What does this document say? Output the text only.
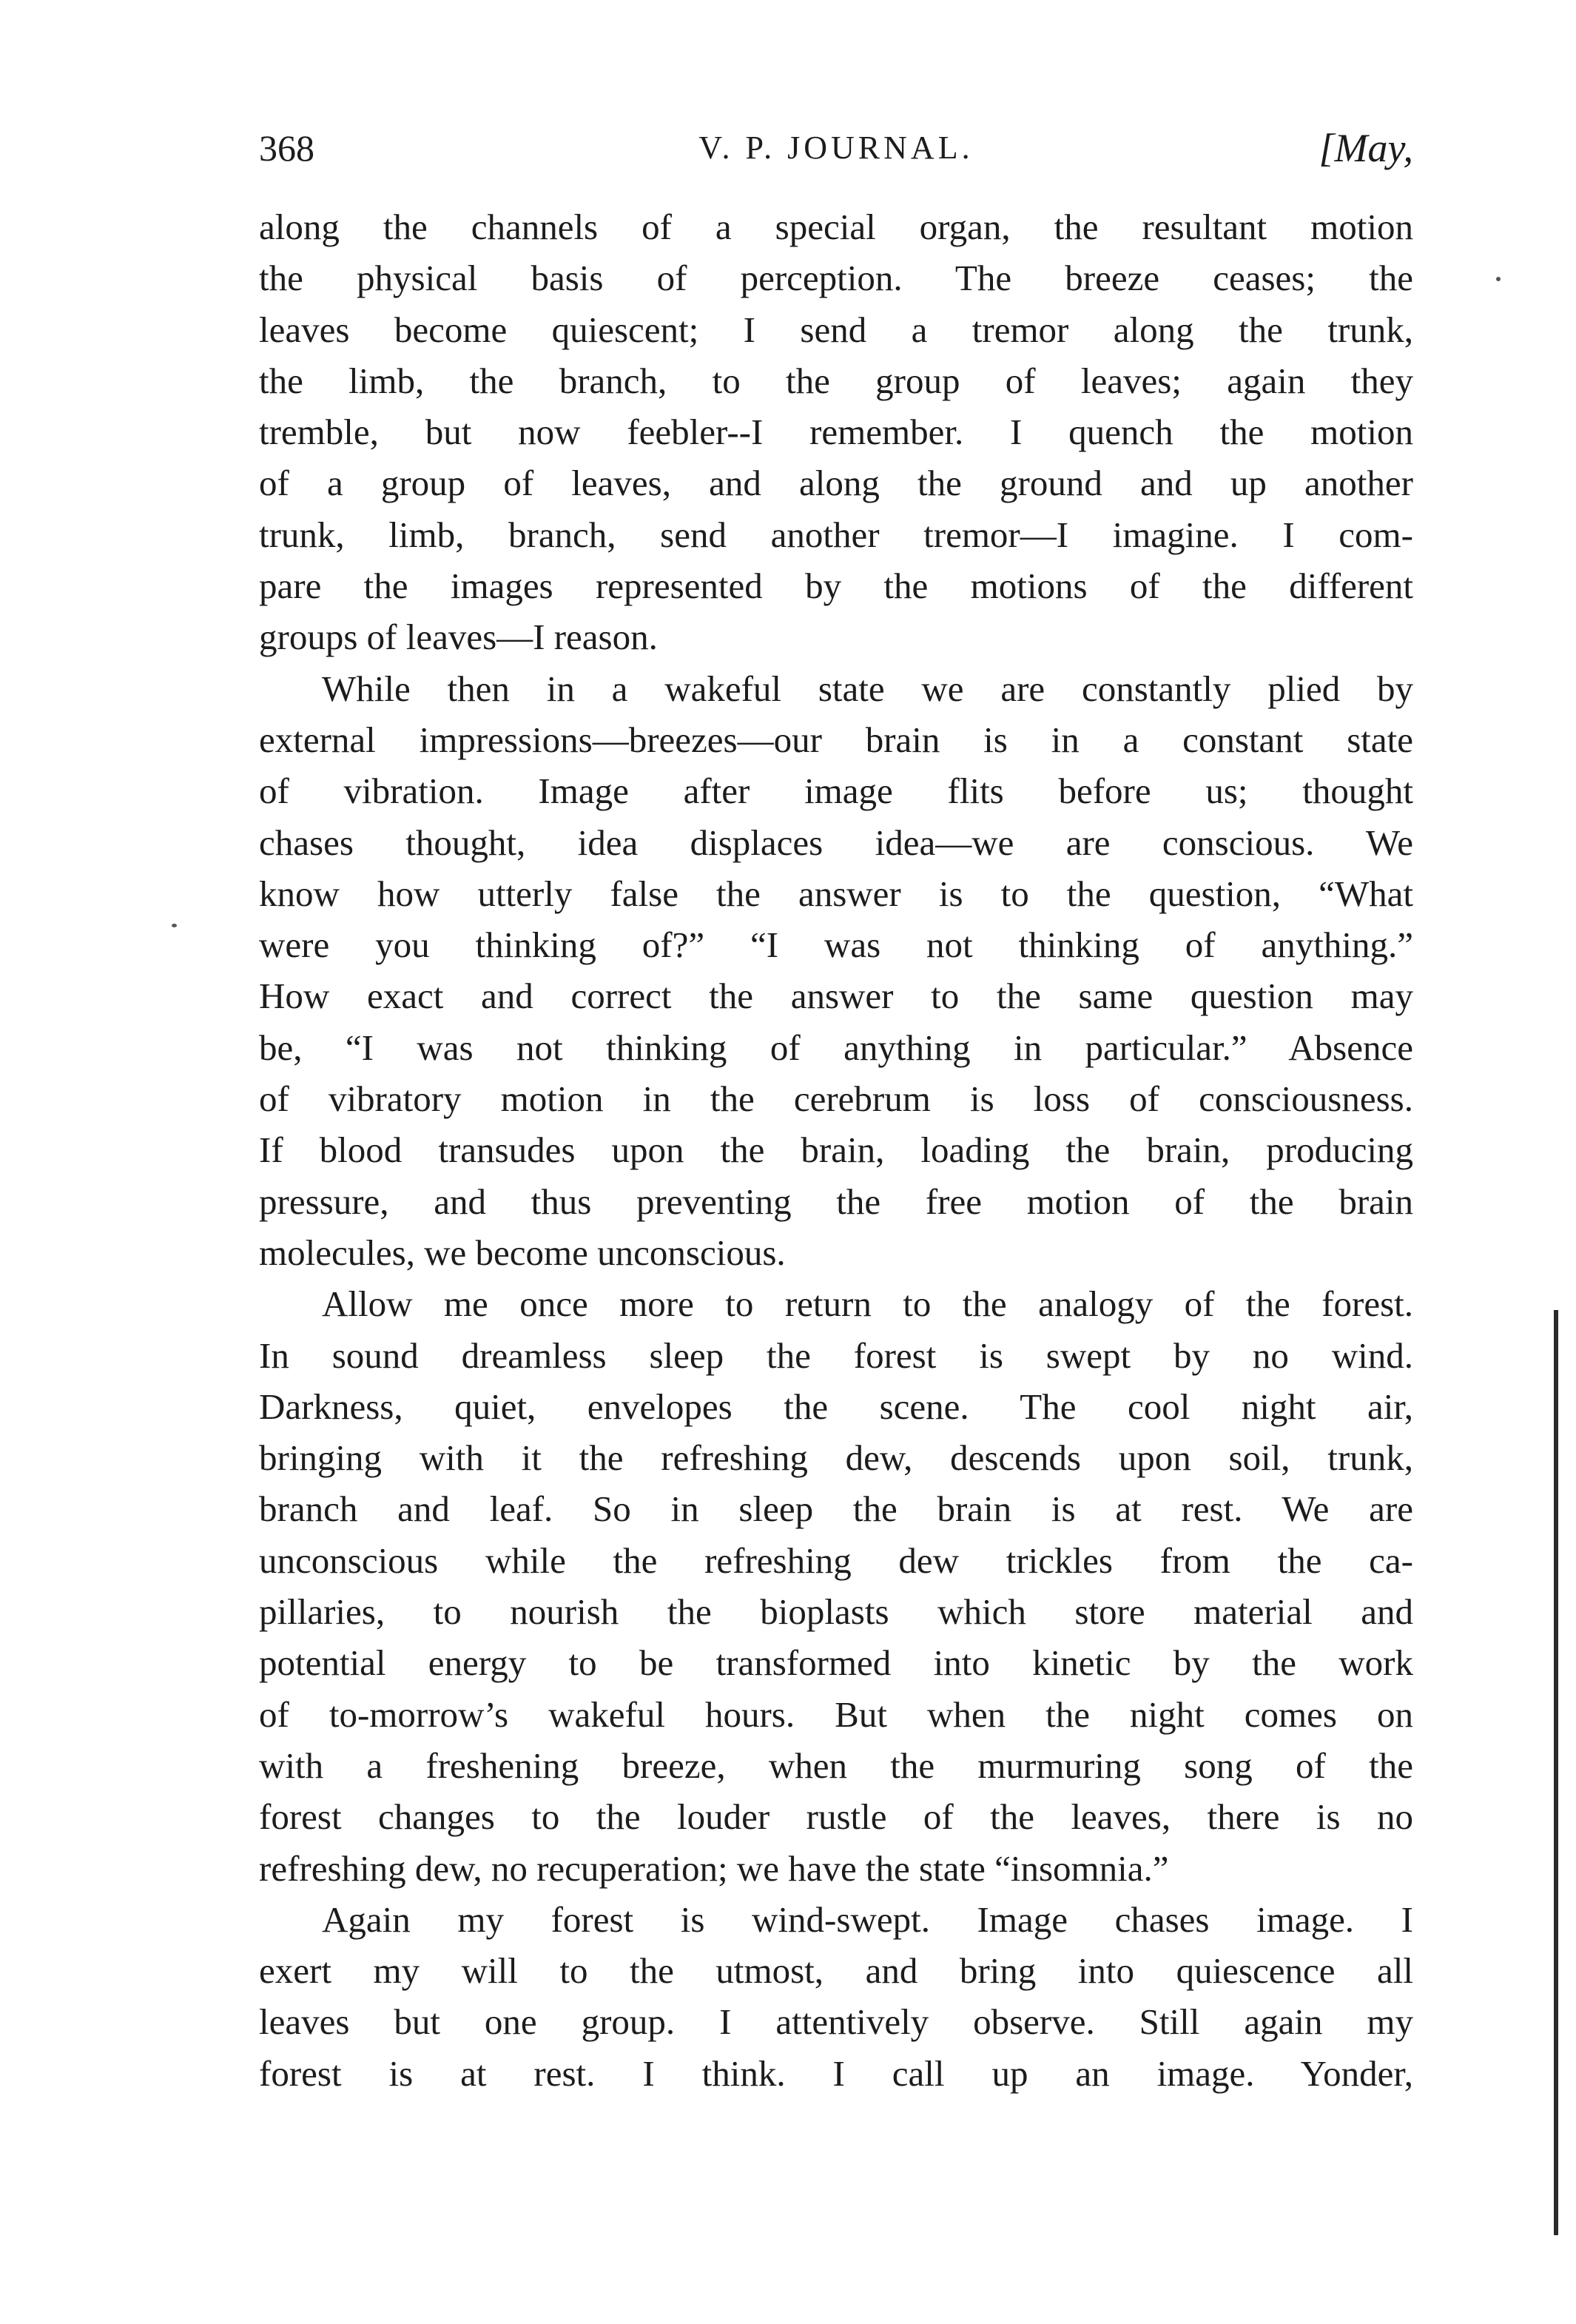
368	V. P. JOURNAL.	[May,
along the channels of a special organ, the resultant motion
the physical basis of perception. The breeze ceases; the
leaves become quiescent; I send a tremor along the trunk,
the limb, the branch, to the group of leaves; again they
tremble, but now feebler--I remember. I quench the motion
of a group of leaves, and along the ground and up another
trunk, limb, branch, send another tremor—I imagine. I com-
pare the images represented by the motions of the different
groups of leaves—I reason.
While then in a wakeful state we are constantly plied by
external impressions—breezes—our brain is in a constant state
of vibration. Image after image flits before us; thought
chases thought, idea displaces idea—we are conscious. We
know how utterly false the answer is to the question, “What
were you thinking of?” “I was not thinking of anything.”
How exact and correct the answer to the same question may
be, “I was not thinking of anything in particular.” Absence
of vibratory motion in the cerebrum is loss of consciousness.
If blood transudes upon the brain, loading the brain, producing
pressure, and thus preventing the free motion of the brain
molecules, we become unconscious.
Allow me once more to return to the analogy of the forest.
In sound dreamless sleep the forest is swept by no wind.
Darkness, quiet, envelopes the scene. The cool night air,
bringing with it the refreshing dew, descends upon soil, trunk,
branch and leaf. So in sleep the brain is at rest. We are
unconscious while the refreshing dew trickles from the ca-
pillaries, to nourish the bioplasts which store material and
potential energy to be transformed into kinetic by the work
of to-morrow’s wakeful hours. But when the night comes on
with a freshening breeze, when the murmuring song of the
forest changes to the louder rustle of the leaves, there is no
refreshing dew, no recuperation; we have the state “insomnia.”
Again my forest is wind-swept. Image chases image. I
exert my will to the utmost, and bring into quiescence all
leaves but one group. I attentively observe. Still again my
forest is at rest. I think. I call up an image. Yonder,
